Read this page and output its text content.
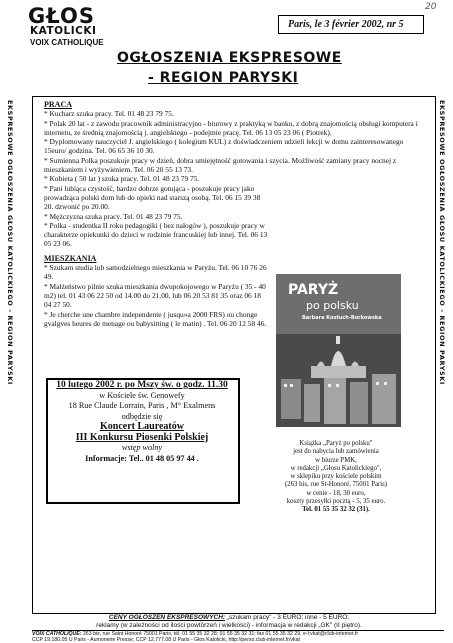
20
GŁOS
KATOLICKI
VOIX CATHOLIQUE
Paris, le 3 février 2002, nr 5
OGŁOSZENIA EKSPRESOWE
- REGION PARYSKI
EKSPRESOWE OGŁOSZENIA GŁOSU KATOLICKIEGO - REGION PARYSKI	EKSPRESOWE OGŁOSZENIA GŁOSU KATOLICKIEGO - REGION PARYSKI
PRACA

* Kucharz szuka pracy. Tel. 01 48 23 79 75.

* Polak 20 lat - z zawodu pracownik administracyjno - biurowy z praktyką w banku, z dobrą znajomością obsługi komputera i internetu, ze średnią znajomością j. angielskiego - podejmie pracę. Tel. 06 13 05 23 06 ( Piotrek).

* Dyplomowany nauczyciel J. angielskiego ( kolegium KUL) z doświadczeniem udzieli lekcji w domu zainteresowanego 15euro/ godzina. Tel. 06 65 36 10 30.

* Sumienna Polka poszukuje pracy w dzień, dobra umiejętność gotowania i szycia. Możliwość zamiany pracy nocnej z mieszkaniem i wyżywieniem. Tel. 06 20 55 13 73.

* Kobieta ( 50 lat ) szuka pracy. Tel. 01 48 23 79 75.

* Pani lubiąca czystość, bardzo dobrze gotująca - poszukuje pracy jako prowadząca polski dom lub do opieki nad starszą osobą. Tel. 06 15 39 38 20. dzwonić po 20.00.

* Mężczyzna szuka pracy. Tel. 01 48 23 79 75.

* Polka - studentka II roku pedagogiki ( bez nałogów ), poszukuje pracy w charakterze opiekunki do dzieci w rodzinie francuskiej lub innej. Tel. 06 13 05 23 06.

MIESZKANIA

* Szukam studia lub samodzielnego mieszkania w Paryżu. Tel. 06 10 76 26 49.

* Małżeństwo pilnie szuka mieszkania dwupokojowego w Paryżu ( 35 - 40 m2) tel. 01 43 06 22 50 od 14.00 do 21.00, lub 06 20 53 81 35 oraz 06 18 04 27 50.

* Je cherche une chambre independente ( jusqu»a 2000 FRS) ou chonge gvalgves heures de menage ou babysitting ( le matin) . Tel. 06 20 12 58 46.

10 lutego 2002 r. po Mszy św. o godz. 11.30
w Kościele św. Genowefy
18 Rue Claude Lorrain, Paris , M° Exalmens
odbędzie się
Koncert Laureatów
III Konkursu Piosenki Polskiej
wstęp wolny
Informacje: Tel.. 01 48 05 97 44 .
PARYŻ
po polsku
Barbara Kostuch-Borkowska
Książka „Paryż po polsku"
jest do nabycia lub zamówienia
w biurze PMK,
w redakcji „Głosu Katolickiego",
w sklepiku przy kościele polskim
(263 bis, rue St-Honoré, 75001 Paris)
w cenie - 18, 30 euro,
koszty przesyłki pocztą - 5, 35 euro.
Tel. 01 55 35 32 32 (31).
CENY OGŁOSZEŃ EKSPRESOWYCH: „szukam pracy" - 3 EURO; inne - 5 EURO;
reklamy (w zależności od ilości powtórzeń i wielkości) - informacja w redakcji „GK" (II piętro).
VOIX CATHOLIQUE: 263 bis, rue Saint Honoré 75001 Paris, tél. 01 55 35 32 28; 01 55 35 32 31; fax 01 55 35 32 29, e-l:vkat@club-internet.fr
CCP 19.180.05 U Paris - Aumonerie Presse; CCP 12.777.08 U Paris - Głos Katolicki, http://perso.club-internet.fr/vkat
